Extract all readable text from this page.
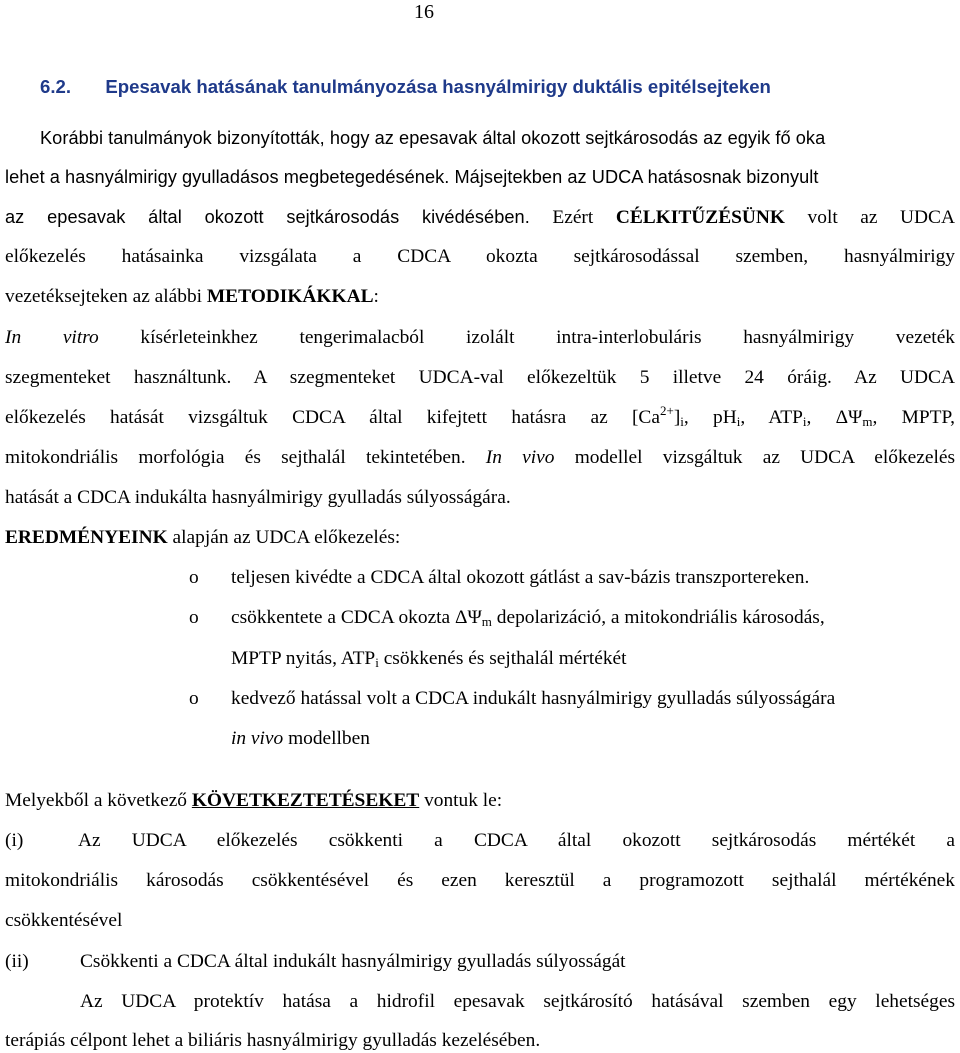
16
6.2. Epesavak hatásának tanulmányozása hasnyálmirigy duktális epitélsejteken
Korábbi tanulmányok bizonyították, hogy az epesavak által okozott sejtkárosodás az egyik fő oka
lehet a hasnyálmirigy gyulladásos megbetegedésének. Májsejtekben az UDCA hatásosnak bizonyult
az epesavak által okozott sejtkárosodás kivédésében. Ezért CÉLKITŰZÉSÜNK volt az UDCA
előkezelés hatásainka vizsgálata a CDCA okozta sejtkárosodással szemben, hasnyálmirigy
vezetéksejteken az alábbi METODIKÁKKAL:
In vitro kísérleteinkhez tengerimalacból izolált intra-interlobuláris hasnyálmirigy vezeték
szegmenteket használtunk. A szegmenteket UDCA-val előkezeltük 5 illetve 24 óráig. Az UDCA
előkezelés hatását vizsgáltuk CDCA által kifejtett hatásra az $[Ca^{2+}]_i$, $pH_i$, $ATP_i$, $\Delta\Psi_m$, MPTP,
mitokondriális morfológia és sejthalál tekintetében. In vivo modellel vizsgáltuk az UDCA előkezelés
hatását a CDCA indukálta hasnyálmirigy gyulladás súlyosságára.
EREDMÉNYEINK alapján az UDCA előkezelés:
o teljesen kivédte a CDCA által okozott gátlást a sav-bázis transzportereken.
o csökkentete a CDCA okozta $\Delta\Psi_m$ depolarizáció, a mitokondriális károsodás,
MPTP nyitás, $ATP_i$ csökkenés és sejthalál mértékét
o kedvező hatással volt a CDCA indukált hasnyálmirigy gyulladás súlyosságára
in vivo modellben
Melyekből a következő KÖVETKEZTETÉSEKET vontuk le:
(i)	Az UDCA előkezelés csökkenti a CDCA által okozott sejtkárosodás mértékét a
mitokondriális károsodás csökkentésével és ezen keresztül a programozott sejthalál mértékének
csökkentésével
(ii)	Csökkenti a CDCA által indukált hasnyálmirigy gyulladás súlyosságát
Az UDCA protektív hatása a hidrofil epesavak sejtkárosító hatásával szemben egy lehetséges
terápiás célpont lehet a biliáris hasnyálmirigy gyulladás kezelésében.
